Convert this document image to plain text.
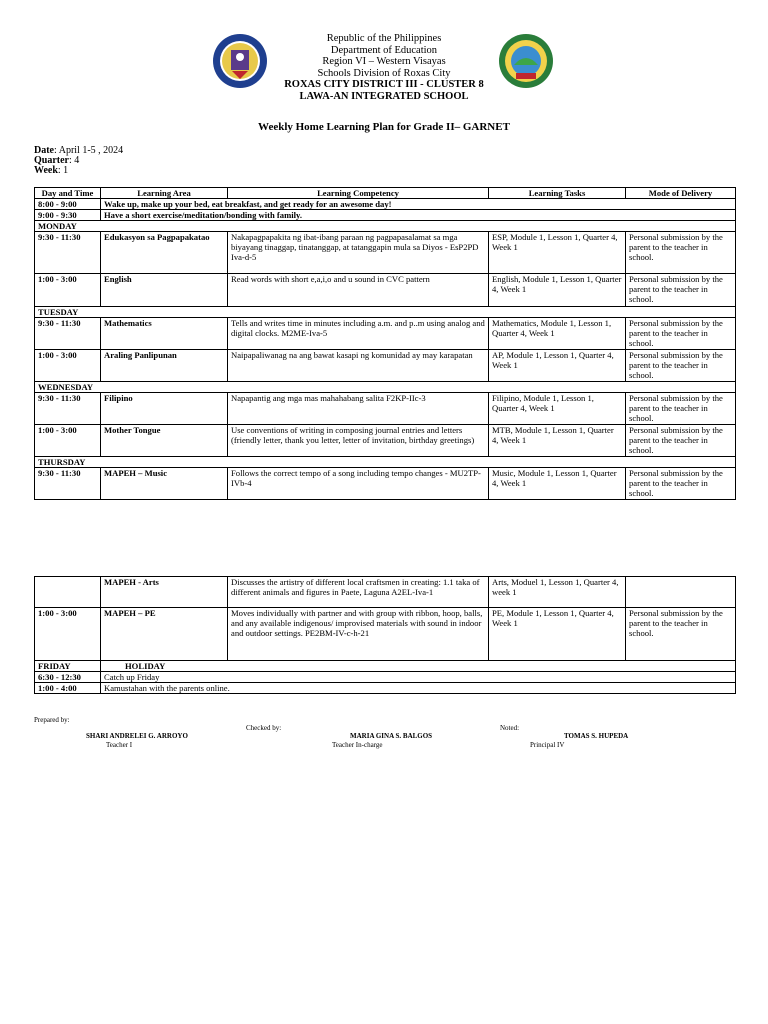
Republic of the Philippines
Department of Education
Region VI – Western Visayas
Schools Division of Roxas City
ROXAS CITY DISTRICT III - CLUSTER 8
LAWA-AN INTEGRATED SCHOOL
Weekly Home Learning Plan for Grade II– GARNET
Date: April 1-5 , 2024
Quarter: 4
Week: 1
Day and Time	Learning Area	Learning Competency	Learning Tasks	Mode of Delivery
8:00 - 9:00	Wake up, make up your bed, eat breakfast, and get ready for an awesome day!			
9:00 - 9:30	Have a short exercise/meditation/bonding with family.			
MONDAY				
9:30 - 11:30	Edukasyon sa Pagpapakatao	Nakapagpapakita ng ibat-ibang paraan ng pagpapasalamat sa mga biyayang tinaggap, tinatanggap, at tatanggapin mula sa Diyos - EsP2PD Iva-d-5	ESP, Module 1, Lesson 1, Quarter 4, Week 1	Personal submission by the parent to the teacher in school.
1:00 - 3:00	English	Read words with short e,a,i,o and u sound in CVC pattern	English, Module 1, Lesson 1, Quarter 4, Week 1	Personal submission by the parent to the teacher in school.
TUESDAY				
9:30 - 11:30	Mathematics	Tells and writes time in minutes including a.m. and p..m using analog and digital clocks. M2ME-Iva-5	Mathematics, Module 1, Lesson 1, Quarter 4, Week 1	Personal submission by the parent to the teacher in school.
1:00 - 3:00	Araling Panlipunan	Naipapaliwanag na ang bawat kasapi ng komunidad ay may karapatan	AP, Module 1, Lesson 1, Quarter 4, Week 1	Personal submission by the parent to the teacher in school.
WEDNESDAY				
9:30 - 11:30	Filipino	Napapantig ang mga mas mahahabang salita F2KP-IIc-3	Filipino, Module 1, Lesson 1, Quarter 4, Week 1	Personal submission by the parent to the teacher in school.
1:00 - 3:00	Mother Tongue	Use conventions of writing in composing journal entries and letters (friendly letter, thank you letter, letter of invitation, birthday greetings)	MTB, Module 1, Lesson 1, Quarter 4, Week 1	Personal submission by the parent to the teacher in school.
THURSDAY				
9:30 - 11:30	MAPEH – Music	Follows the correct tempo of a song including tempo changes - MU2TP-IVb-4	Music, Module 1, Lesson 1, Quarter 4, Week 1	Personal submission by the parent to the teacher in school.
	MAPEH - Arts	Discusses the artistry of different local craftsmen in creating: 1.1 taka of different animals and figures in Paete, Laguna A2EL-Iva-1	Arts, Moduel 1, Lesson 1, Quarter 4, week 1	
1:00 - 3:00	MAPEH – PE	Moves individually with partner and with group with ribbon, hoop, balls, and any available indigenous/ improvised materials with sound in indoor and outdoor settings. PE2BM-IV-c-h-21	PE, Module 1, Lesson 1, Quarter 4, Week 1	Personal submission by the parent to the teacher in school.
FRIDAY	HOLIDAY			
6:30 - 12:30	Catch up Friday			
1:00 - 4:00	Kamustahan with the parents online.			
Prepared by:
SHARI ANDRELEI G. ARROYO
Teacher I
Checked by:
MARIA GINA S. BALGOS
Teacher In-charge
Noted:
TOMAS S. HUPEDA
Principal IV
